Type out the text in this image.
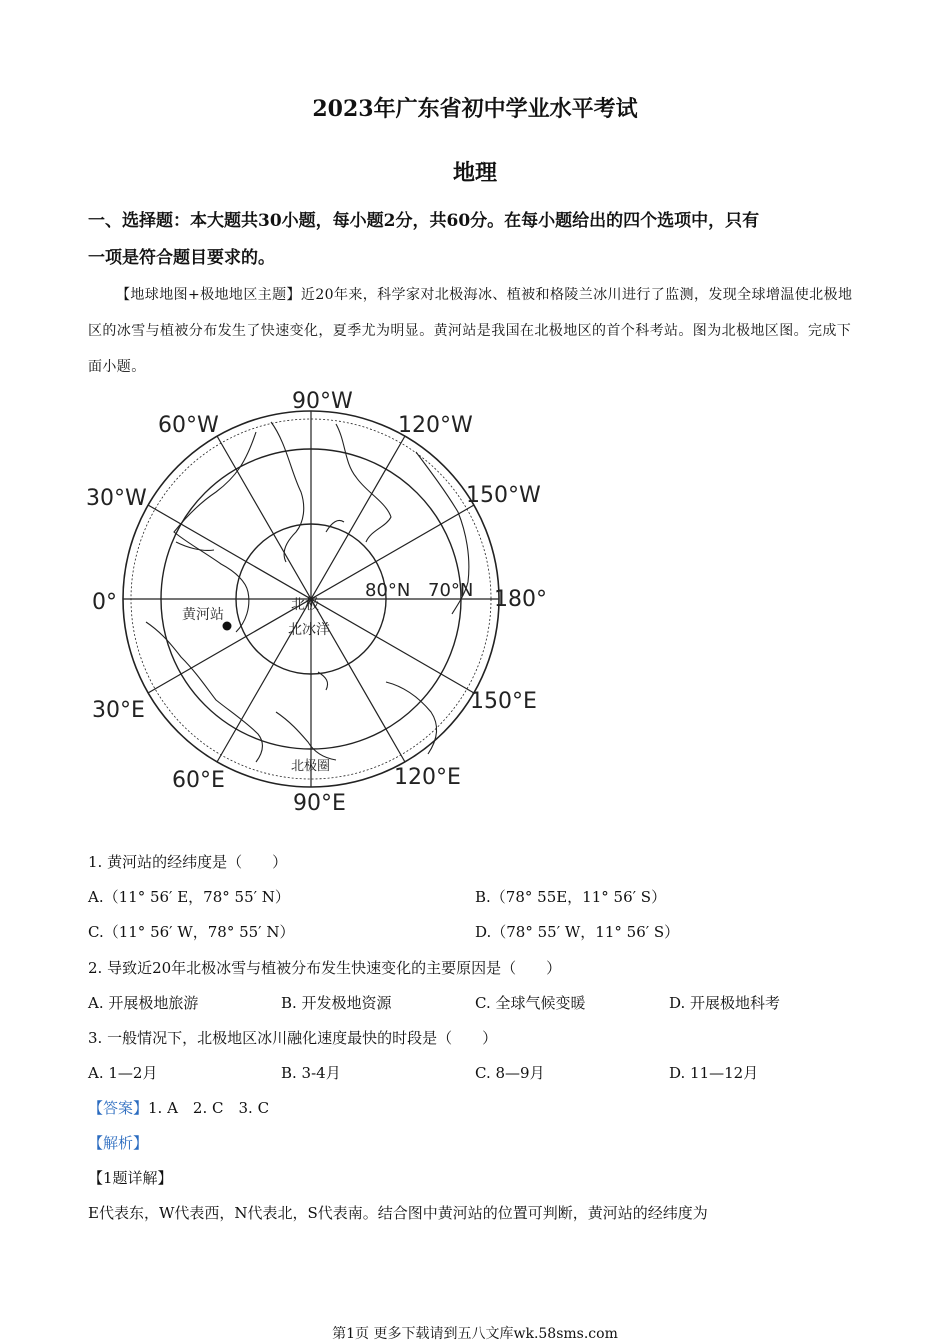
2023年广东省初中学业水平考试
地理
一、选择题：本大题共30小题，每小题2分，共60分。在每小题给出的四个选项中，只有
一项是符合题目要求的。
【地球地图+极地地区主题】近20年来，科学家对北极海冰、植被和格陵兰冰川进行了监测，发现全球增温使北极地区的冰雪与植被分布发生了快速变化，夏季尤为明显。黄河站是我国在北极地区的首个科考站。图为北极地区图。完成下面小题。
90°W
60°W	120°W
30°W	150°W
0°	180°
30°E	150°E
60°E	120°E
90°E
80°N 70°N
北极
北冰洋
黄河站
北极圈
1. 黄河站的经纬度是（　　）
A.（11° 56′ E，78° 55′ N）	B.（78° 55E，11° 56′ S）
C.（11° 56′ W，78° 55′ N）	D.（78° 55′ W，11° 56′ S）
2. 导致近20年北极冰雪与植被分布发生快速变化的主要原因是（　　）
A. 开展极地旅游	B. 开发极地资源	C. 全球气候变暖	D. 开展极地科考
3. 一般情况下，北极地区冰川融化速度最快的时段是（　　）
A. 1—2月	B. 3-4月	C. 8—9月	D. 11—12月
【答案】1. A　2. C　3. C
【解析】
【1题详解】
E代表东，W代表西，N代表北，S代表南。结合图中黄河站的位置可判断，黄河站的经纬度为
第1页 更多下载请到五八文库wk.58sms.com
